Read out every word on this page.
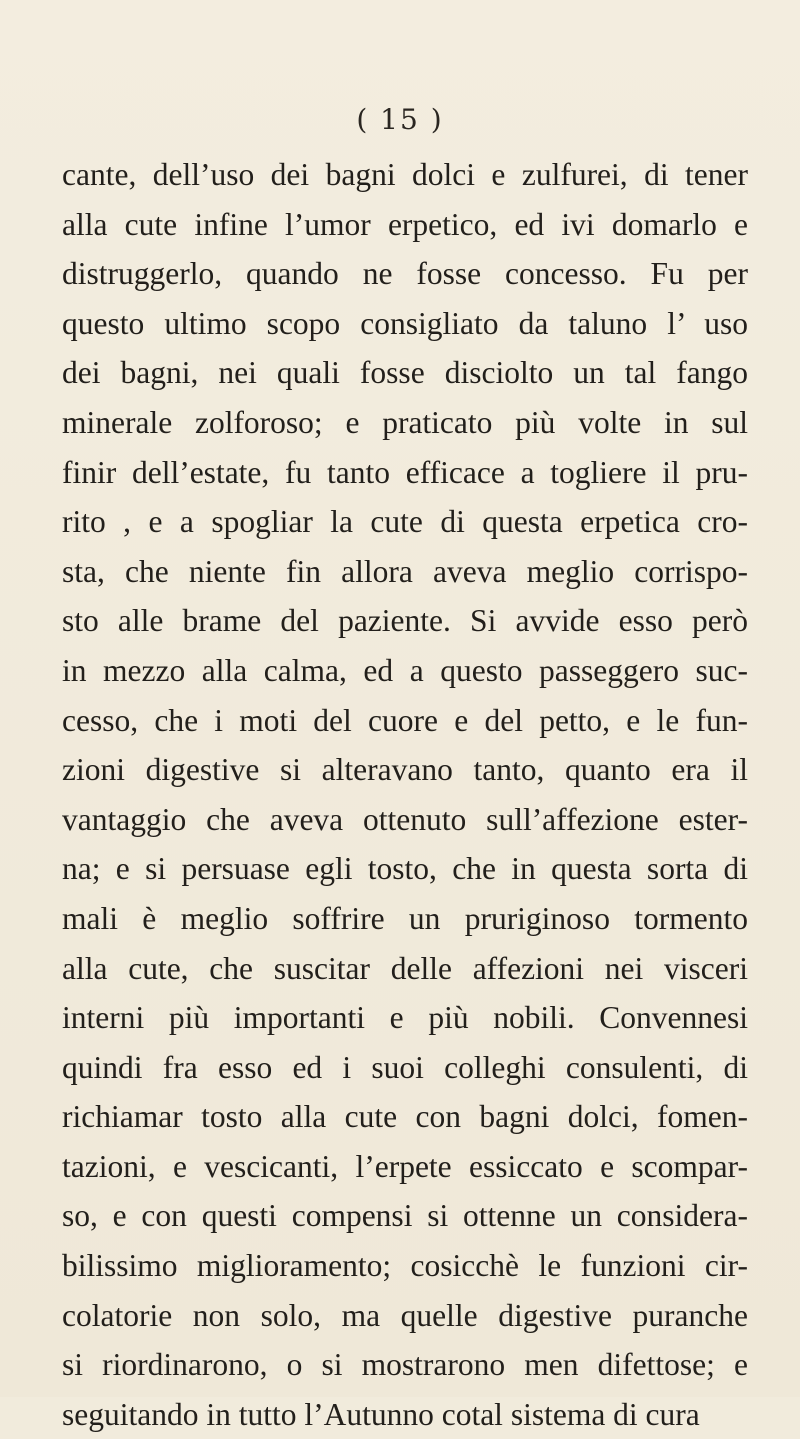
( 15 )
cante, dell’uso dei bagni dolci e zulfurei, di tener
alla cute infine l’umor erpetico, ed ivi domarlo e
distruggerlo, quando ne fosse concesso. Fu per
questo ultimo scopo consigliato da taluno l’ uso
dei bagni, nei quali fosse disciolto un tal fango
minerale zolforoso; e praticato più volte in sul
finir dell’estate, fu tanto efficace a togliere il pru-
rito , e a spogliar la cute di questa erpetica cro-
sta, che niente fin allora aveva meglio corrispo-
sto alle brame del paziente. Si avvide esso però
in mezzo alla calma, ed a questo passeggero suc-
cesso, che i moti del cuore e del petto, e le fun-
zioni digestive si alteravano tanto, quanto era il
vantaggio che aveva ottenuto sull’affezione ester-
na; e si persuase egli tosto, che in questa sorta di
mali è meglio soffrire un pruriginoso tormento
alla cute, che suscitar delle affezioni nei visceri
interni più importanti e più nobili. Convennesi
quindi fra esso ed i suoi colleghi consulenti, di
richiamar tosto alla cute con bagni dolci, fomen-
tazioni, e vescicanti, l’erpete essiccato e scompar-
so, e con questi compensi si ottenne un considera-
bilissimo miglioramento; cosicchè le funzioni cir-
colatorie non solo, ma quelle digestive puranche
si riordinarono, o si mostrarono men difettose; e
seguitando in tutto l’Autunno cotal sistema di cura
